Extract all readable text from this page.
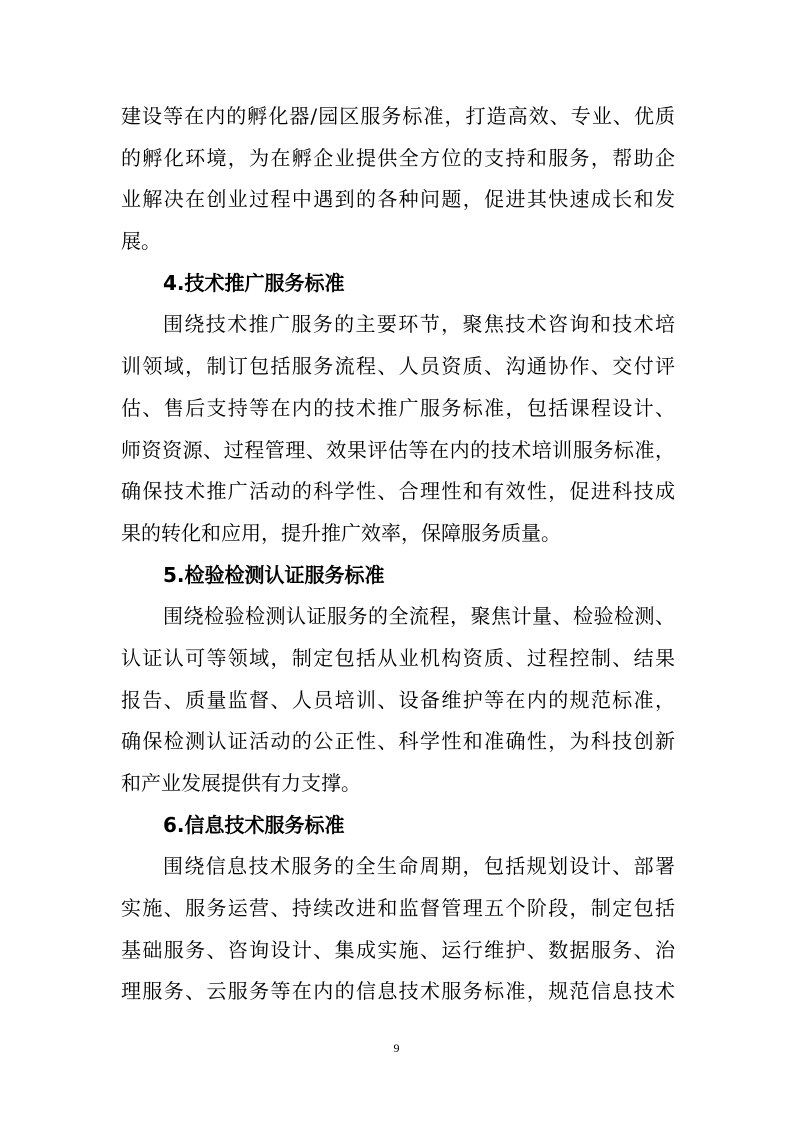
建设等在内的孵化器/园区服务标准，打造高效、专业、优质
的孵化环境，为在孵企业提供全方位的支持和服务，帮助企
业解决在创业过程中遇到的各种问题，促进其快速成长和发
展。
4.技术推广服务标准
围绕技术推广服务的主要环节，聚焦技术咨询和技术培
训领域，制订包括服务流程、人员资质、沟通协作、交付评
估、售后支持等在内的技术推广服务标准，包括课程设计、
师资资源、过程管理、效果评估等在内的技术培训服务标准，
确保技术推广活动的科学性、合理性和有效性，促进科技成
果的转化和应用，提升推广效率，保障服务质量。
5.检验检测认证服务标准
围绕检验检测认证服务的全流程，聚焦计量、检验检测、
认证认可等领域，制定包括从业机构资质、过程控制、结果
报告、质量监督、人员培训、设备维护等在内的规范标准，
确保检测认证活动的公正性、科学性和准确性，为科技创新
和产业发展提供有力支撑。
6.信息技术服务标准
围绕信息技术服务的全生命周期，包括规划设计、部署
实施、服务运营、持续改进和监督管理五个阶段，制定包括
基础服务、咨询设计、集成实施、运行维护、数据服务、治
理服务、云服务等在内的信息技术服务标准，规范信息技术
9
